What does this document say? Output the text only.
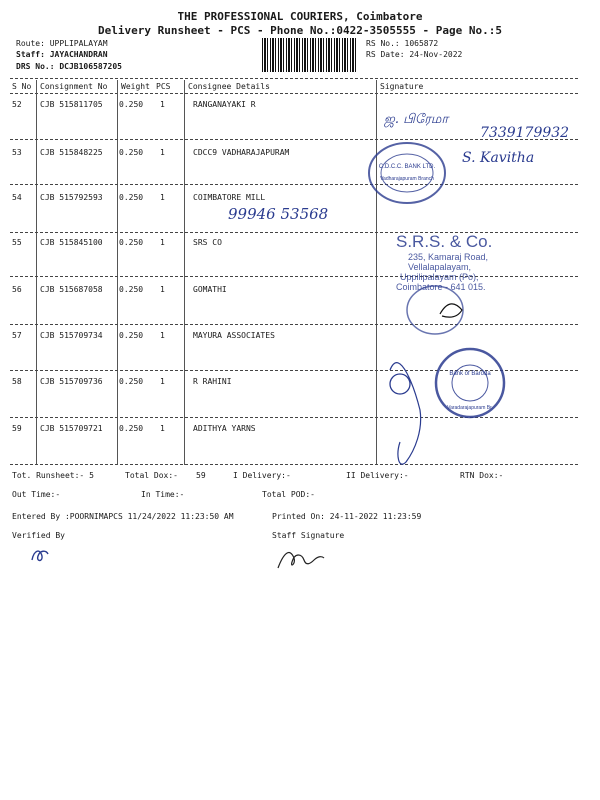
THE PROFESSIONAL COURIERS, Coimbatore
Delivery Runsheet - PCS - Phone No.:0422-3505555 - Page No.:5
Route: UPPLIPALAYAM
Staff: JAYACHANDRAN
DRS No.: DCJB106587205
RS No.: 1065872
RS Date: 24-Nov-2022
S No Consignment No Weight PCS Consignee Details	Signature
52 CJB 515811705 0.250 1	RANGANAYAKI R
53 CJB 515848225 0.250 1	CDCC9 VADHARAJAPURAM
54 CJB 515792593 0.250 1	COIMBATORE MILL
55 CJB 515845100 0.250 1	SRS CO
56 CJB 515687058 0.250 1	GOMATHI
57 CJB 515709734 0.250 1	MAYURA ASSOCIATES
58 CJB 515709736 0.250 1	R RAHINI
59 CJB 515709721 0.250 1	ADITHYA YARNS
ஜ. பிரேமா
7339179932
S. Kavitha
99946 53568
C.D.C.C. BANK LTD.
Vadharajapuram Branch
S.R.S. & Co.
235, Kamaraj Road,
Vellalapalayam,
Uppilipalayam (Po),
Coimbatore - 641 015.
Bank of Baroda
Varadarajapuram Br.
Tot. Runsheet:- 5	Total Dox:- 59	I Delivery:-	II Delivery:-	RTN Dox:-
Out Time:-	In Time:-	Total POD:-
Entered By :POORNIMAPCS 11/24/2022 11:23:50 AM	Printed On: 24-11-2022 11:23:59
Verified By	Staff Signature
